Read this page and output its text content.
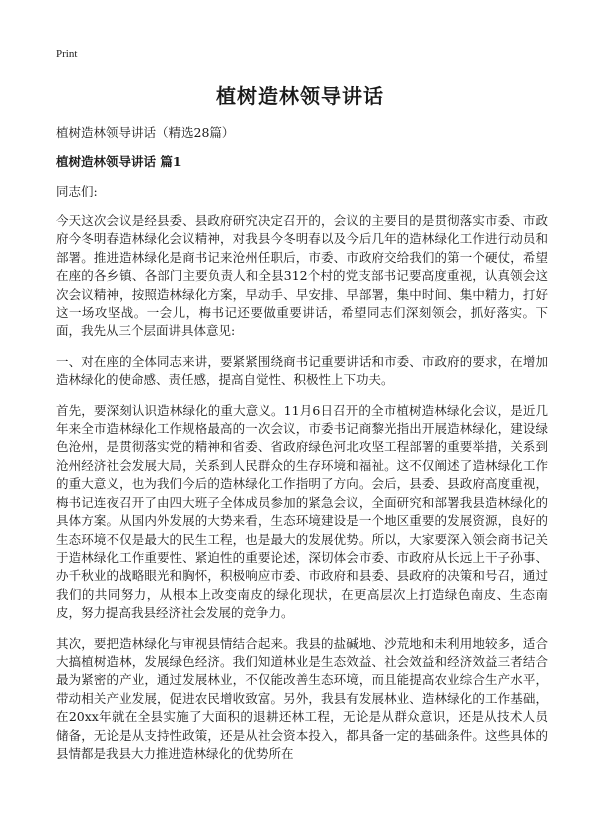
Print
植树造林领导讲话
植树造林领导讲话（精选28篇）
植树造林领导讲话 篇1
同志们:

今天这次会议是经县委、县政府研究决定召开的，会议的主要目的是贯彻落实市委、市政府今冬明春造林绿化会议精神，对我县今冬明春以及今后几年的造林绿化工作进行动员和部署。推进造林绿化是商书记来沧州任职后，市委、市政府交给我们的第一个硬仗，希望在座的各乡镇、各部门主要负责人和全县312个村的党支部书记要高度重视，认真领会这次会议精神，按照造林绿化方案，早动手、早安排、早部署，集中时间、集中精力，打好这一场攻坚战。一会儿，梅书记还要做重要讲话，希望同志们深刻领会，抓好落实。下面，我先从三个层面讲具体意见:

一、对在座的全体同志来讲，要紧紧围绕商书记重要讲话和市委、市政府的要求，在增加造林绿化的使命感、责任感，提高自觉性、积极性上下功夫。

首先，要深刻认识造林绿化的重大意义。11月6日召开的全市植树造林绿化会议，是近几年来全市造林绿化工作规格最高的一次会议，市委书记商黎光指出开展造林绿化，建设绿色沧州，是贯彻落实党的精神和省委、省政府绿色河北攻坚工程部署的重要举措，关系到沧州经济社会发展大局，关系到人民群众的生存环境和福祉。这不仅阐述了造林绿化工作的重大意义，也为我们今后的造林绿化工作指明了方向。会后，县委、县政府高度重视，梅书记连夜召开了由四大班子全体成员参加的紧急会议，全面研究和部署我县造林绿化的具体方案。从国内外发展的大势来看，生态环境建设是一个地区重要的发展资源，良好的生态环境不仅是最大的民生工程，也是最大的发展优势。所以，大家要深入领会商书记关于造林绿化工作重要性、紧迫性的重要论述，深切体会市委、市政府从长远上干子孙事、办千秋业的战略眼光和胸怀，积极响应市委、市政府和县委、县政府的决策和号召，通过我们的共同努力，从根本上改变南皮的绿化现状，在更高层次上打造绿色南皮、生态南皮，努力提高我县经济社会发展的竞争力。

其次，要把造林绿化与审视县情结合起来。我县的盐碱地、沙荒地和未利用地较多，适合大搞植树造林，发展绿色经济。我们知道林业是生态效益、社会效益和经济效益三者结合最为紧密的产业，通过发展林业，不仅能改善生态环境，而且能提高农业综合生产水平，带动相关产业发展，促进农民增收致富。另外，我县有发展林业、造林绿化的工作基础，在20xx年就在全县实施了大面积的退耕还林工程，无论是从群众意识，还是从技术人员储备，无论是从支持性政策，还是从社会资本投入，都具备一定的基础条件。这些具体的县情都是我县大力推进造林绿化的优势所在
